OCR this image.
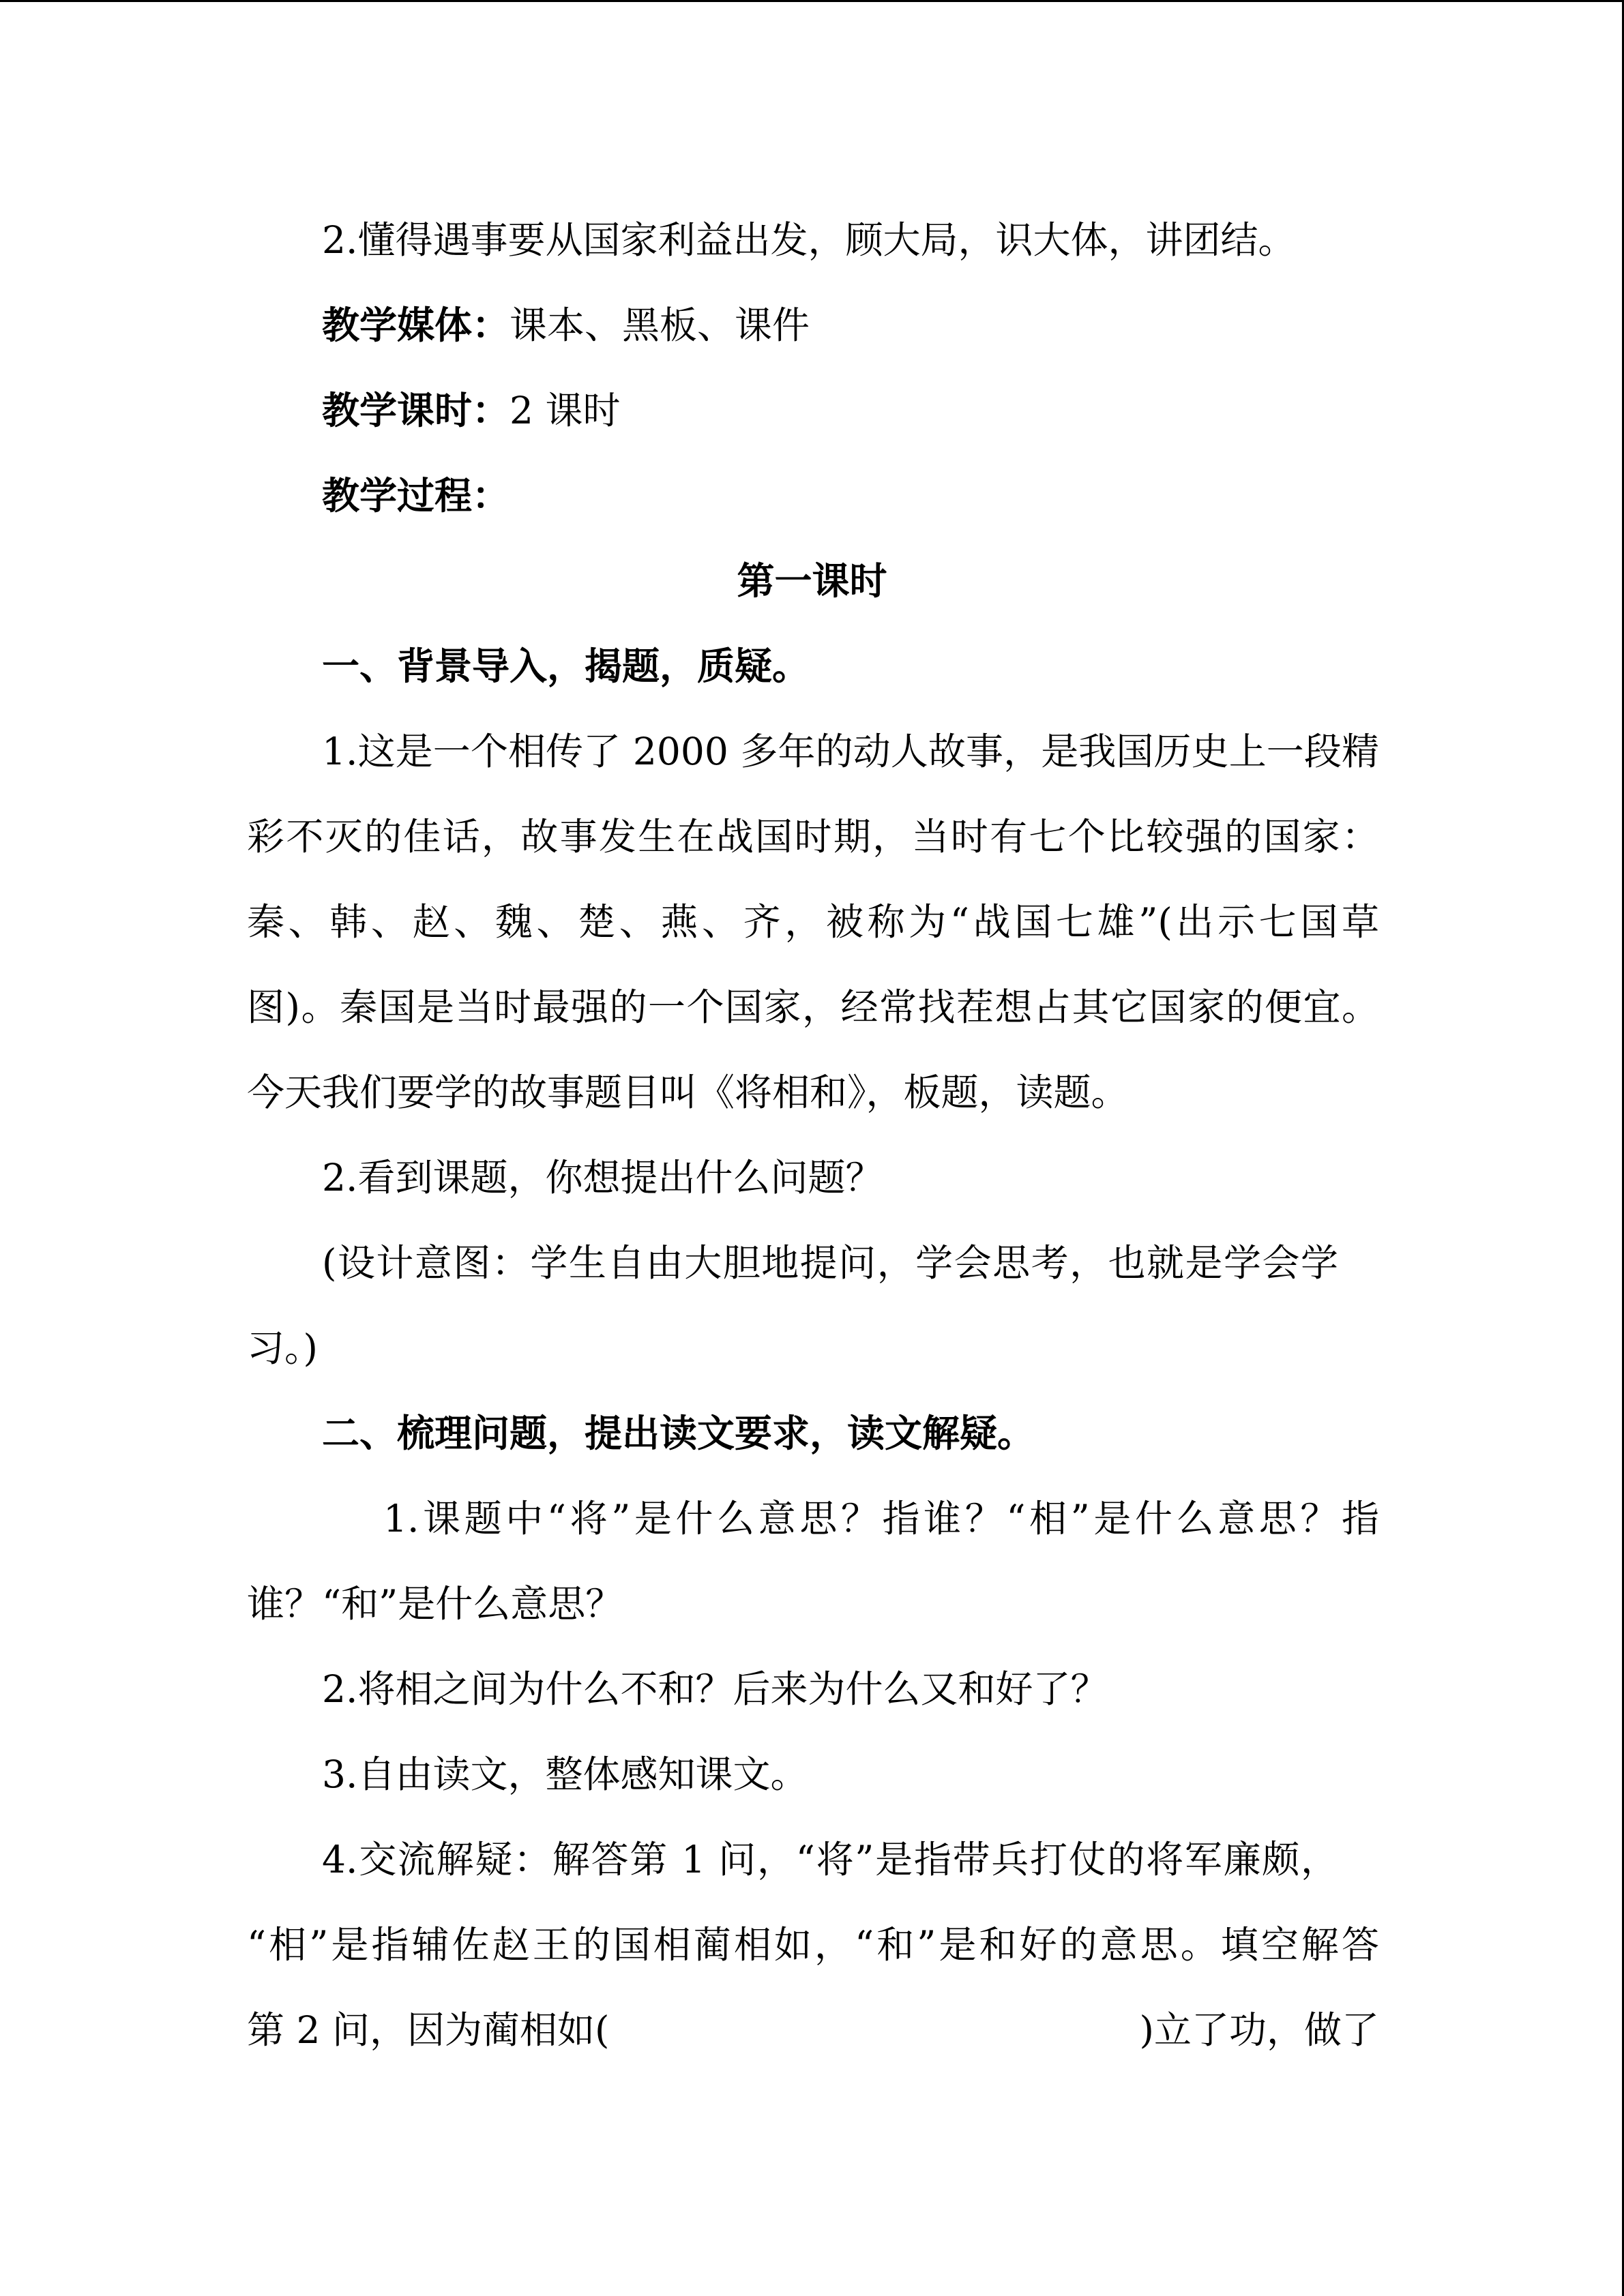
2.懂得遇事要从国家利益出发，顾大局，识大体，讲团结。
教学媒体：课本、黑板、课件
教学课时：2 课时
教学过程：
第一课时
一、背景导入，揭题，质疑。
1.这是一个相传了 2000 多年的动人故事，是我国历史上一段精
彩不灭的佳话，故事发生在战国时期，当时有七个比较强的国家：
秦、韩、赵、魏、楚、燕、齐，被称为“战国七雄”(出示七国草
图)。秦国是当时最强的一个国家，经常找茬想占其它国家的便宜。
今天我们要学的故事题目叫《将相和》，板题，读题。
2.看到课题，你想提出什么问题？
(设计意图：学生自由大胆地提问，学会思考，也就是学会学
习。)
二、梳理问题，提出读文要求，读文解疑。
1.课题中“将”是什么意思？指谁？“相”是什么意思？指
谁？“和”是什么意思？
2.将相之间为什么不和？后来为什么又和好了？
3.自由读文，整体感知课文。
4.交流解疑：解答第 1 问，“将”是指带兵打仗的将军廉颇，
“相”是指辅佐赵王的国相蔺相如，“和”是和好的意思。填空解答
第 2 问，因为蔺相如(	)立了功，做了
